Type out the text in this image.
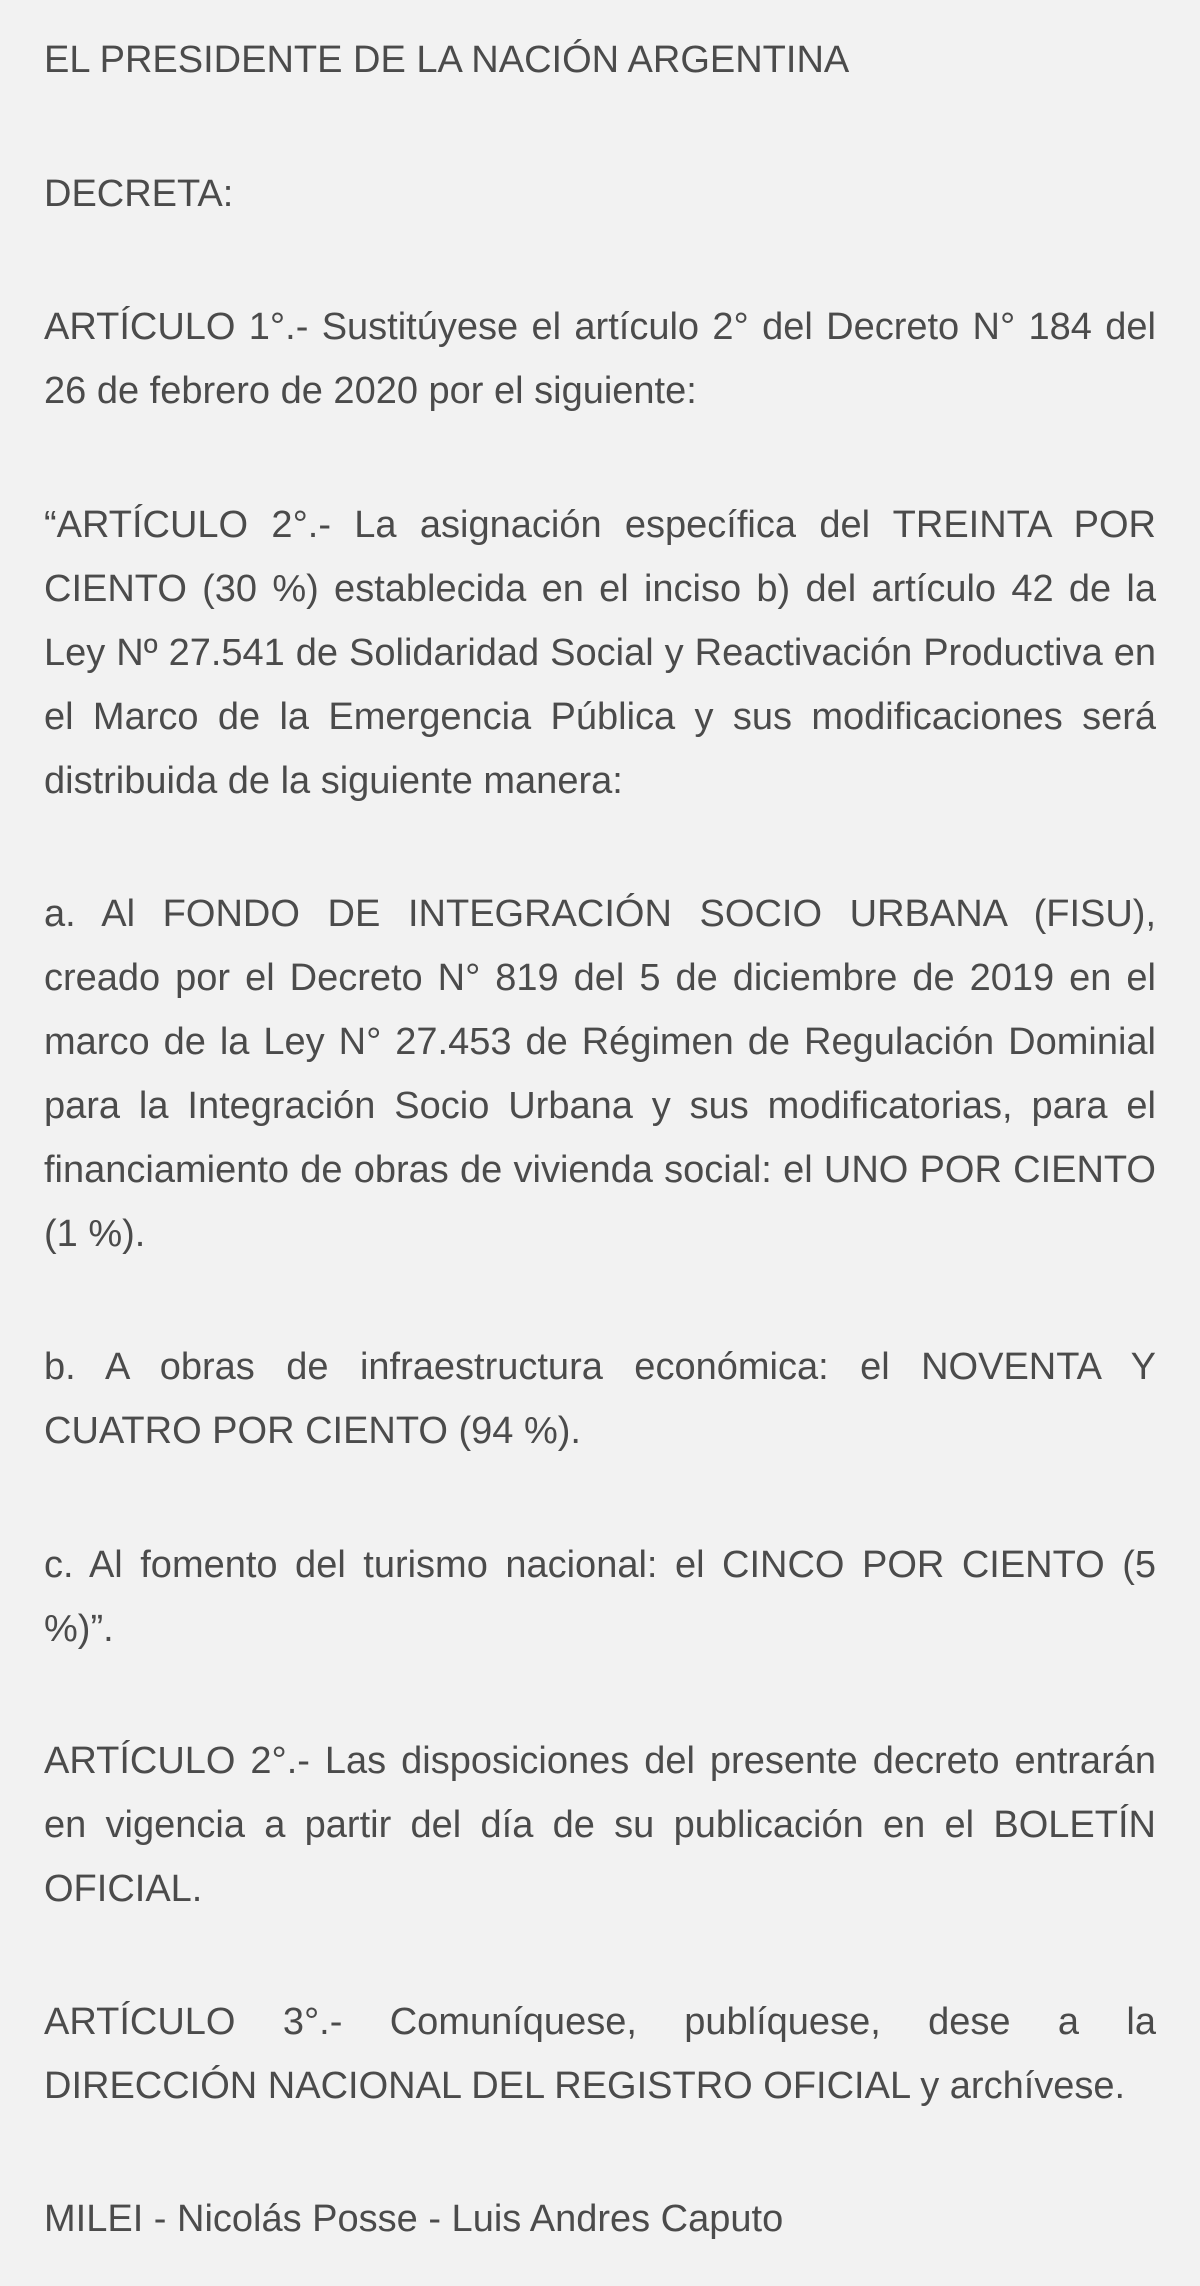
EL PRESIDENTE DE LA NACIÓN ARGENTINA

DECRETA:

ARTÍCULO 1°.- Sustitúyese el artículo 2° del Decreto N° 184 del 26 de febrero de 2020 por el siguiente:

“ARTÍCULO 2°.- La asignación específica del TREINTA POR CIENTO (30 %) establecida en el inciso b) del artículo 42 de la Ley Nº 27.541 de Solidaridad Social y Reactivación Productiva en el Marco de la Emergencia Pública y sus modificaciones será distribuida de la siguiente manera:

a. Al FONDO DE INTEGRACIÓN SOCIO URBANA (FISU), creado por el Decreto N° 819 del 5 de diciembre de 2019 en el marco de la Ley N° 27.453 de Régimen de Regulación Dominial para la Integración Socio Urbana y sus modificatorias, para el financiamiento de obras de vivienda social: el UNO POR CIENTO (1 %).

b. A obras de infraestructura económica: el NOVENTA Y CUATRO POR CIENTO (94 %).

c. Al fomento del turismo nacional: el CINCO POR CIENTO (5 %)”.

ARTÍCULO 2°.- Las disposiciones del presente decreto entrarán en vigencia a partir del día de su publicación en el BOLETÍN OFICIAL.

ARTÍCULO 3°.- Comuníquese, publíquese, dese a la DIRECCIÓN NACIONAL DEL REGISTRO OFICIAL y archívese.

MILEI - Nicolás Posse - Luis Andres Caputo
